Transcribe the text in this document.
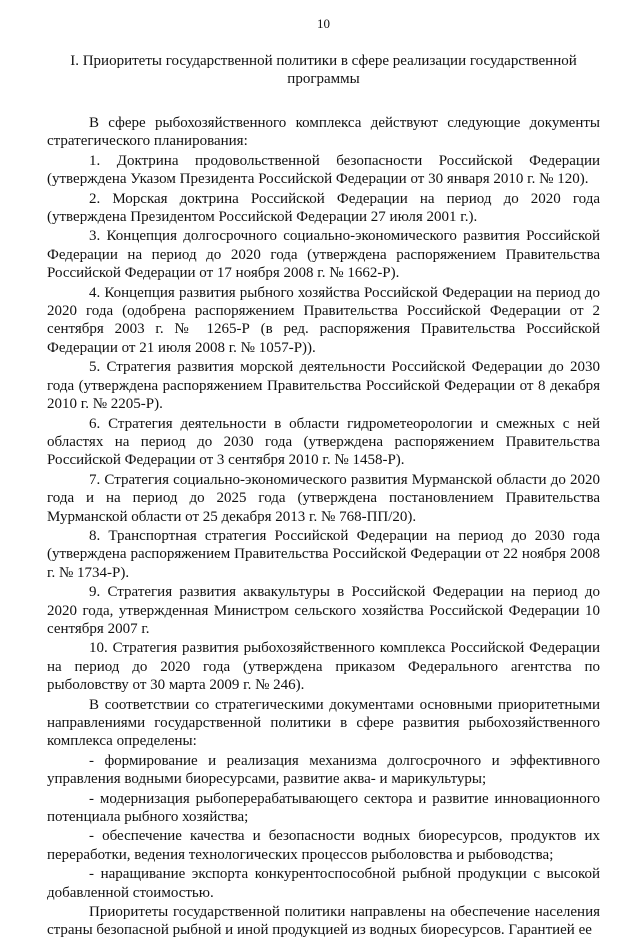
10
I. Приоритеты государственной политики в сфере реализации государственной программы

В сфере рыбохозяйственного комплекса действуют следующие документы стратегического планирования:

1. Доктрина продовольственной безопасности Российской Федерации (утверждена Указом Президента Российской Федерации от 30 января 2010 г. № 120).

2. Морская доктрина Российской Федерации на период до 2020 года (утверждена Президентом Российской Федерации 27 июля 2001 г.).

3. Концепция долгосрочного социально-экономического развития Российской Федерации на период до 2020 года (утверждена распоряжением Правительства Российской Федерации от 17 ноября 2008 г. № 1662-Р).

4. Концепция развития рыбного хозяйства Российской Федерации на период до 2020 года (одобрена распоряжением Правительства Российской Федерации от 2 сентября 2003 г. № 1265-Р (в ред. распоряжения Правительства Российской Федерации от 21 июля 2008 г. № 1057-Р)).

5. Стратегия развития морской деятельности Российской Федерации до 2030 года (утверждена распоряжением Правительства Российской Федерации от 8 декабря 2010 г. № 2205-Р).

6. Стратегия деятельности в области гидрометеорологии и смежных с ней областях на период до 2030 года (утверждена распоряжением Правительства Российской Федерации от 3 сентября 2010 г. № 1458-Р).

7. Стратегия социально-экономического развития Мурманской области до 2020 года и на период до 2025 года (утверждена постановлением Правительства Мурманской области от 25 декабря 2013 г. № 768-ПП/20).

8. Транспортная стратегия Российской Федерации на период до 2030 года (утверждена распоряжением Правительства Российской Федерации от 22 ноября 2008 г. № 1734-Р).

9. Стратегия развития аквакультуры в Российской Федерации на период до 2020 года, утвержденная Министром сельского хозяйства Российской Федерации 10 сентября 2007 г.

10. Стратегия развития рыбохозяйственного комплекса Российской Федерации на период до 2020 года (утверждена приказом Федерального агентства по рыболовству от 30 марта 2009 г. № 246).

В соответствии со стратегическими документами основными приоритетными направлениями государственной политики в сфере развития рыбохозяйственного комплекса определены:

- формирование и реализация механизма долгосрочного и эффективного управления водными биоресурсами, развитие аква- и марикультуры;

- модернизация рыбоперерабатывающего сектора и развитие инновационного потенциала рыбного хозяйства;

- обеспечение качества и безопасности водных биоресурсов, продуктов их переработки, ведения технологических процессов рыболовства и рыбоводства;

- наращивание экспорта конкурентоспособной рыбной продукции с высокой добавленной стоимостью.

Приоритеты государственной политики направлены на обеспечение населения страны безопасной рыбной и иной продукцией из водных биоресурсов. Гарантией ее
